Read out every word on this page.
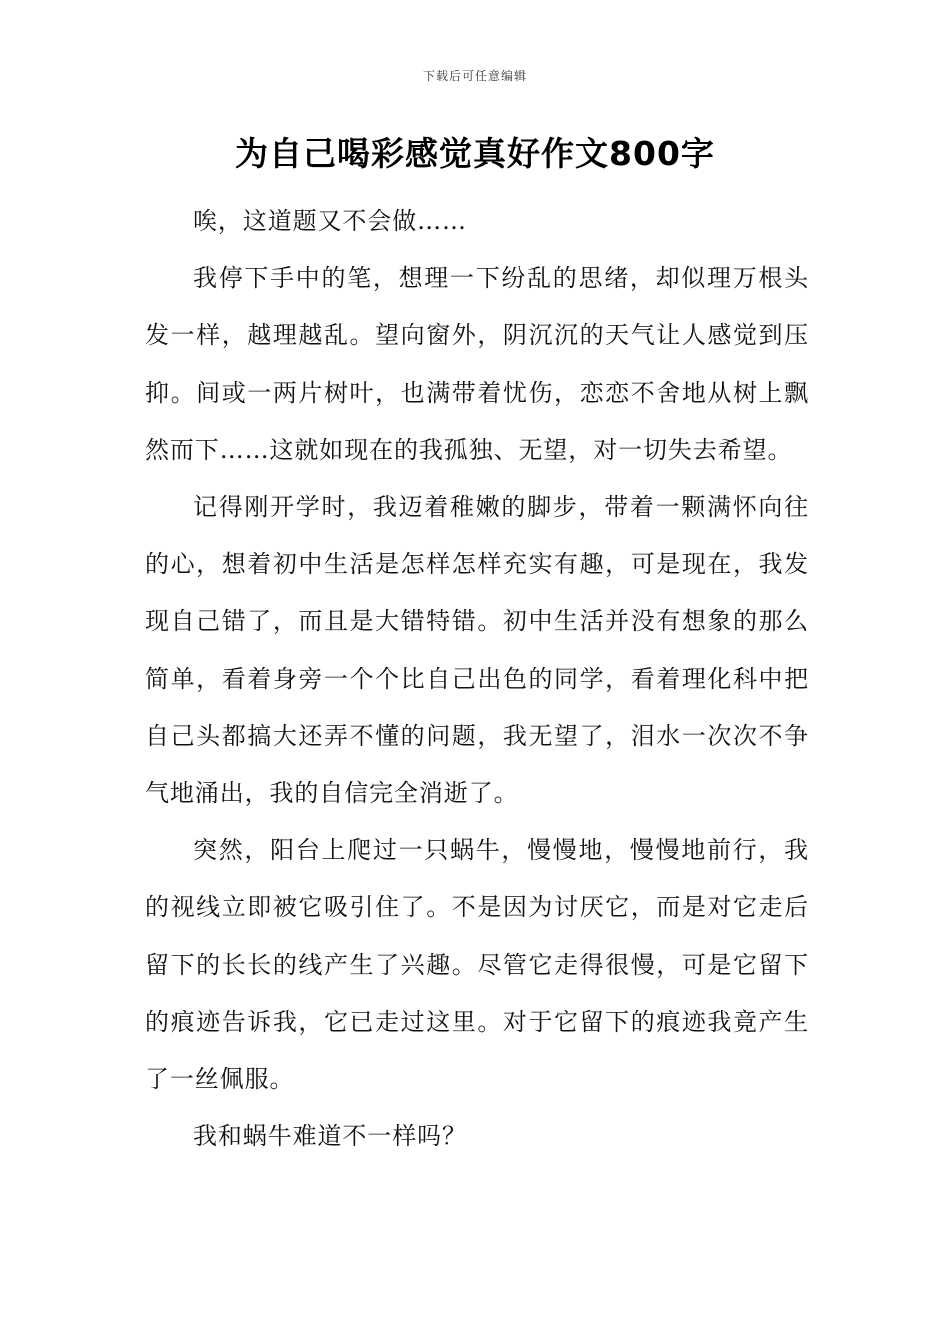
下载后可任意编辑
为自己喝彩感觉真好作文800字

唉，这道题又不会做……

我停下手中的笔，想理一下纷乱的思绪，却似理万根头发一样，越理越乱。望向窗外，阴沉沉的天气让人感觉到压抑。间或一两片树叶，也满带着忧伤，恋恋不舍地从树上飘然而下……这就如现在的我孤独、无望，对一切失去希望。

记得刚开学时，我迈着稚嫩的脚步，带着一颗满怀向往的心，想着初中生活是怎样怎样充实有趣，可是现在，我发现自己错了，而且是大错特错。初中生活并没有想象的那么简单，看着身旁一个个比自己出色的同学，看着理化科中把自己头都搞大还弄不懂的问题，我无望了，泪水一次次不争气地涌出，我的自信完全消逝了。

突然，阳台上爬过一只蜗牛，慢慢地，慢慢地前行，我的视线立即被它吸引住了。不是因为讨厌它，而是对它走后留下的长长的线产生了兴趣。尽管它走得很慢，可是它留下的痕迹告诉我，它已走过这里。对于它留下的痕迹我竟产生了一丝佩服。

我和蜗牛难道不一样吗？
